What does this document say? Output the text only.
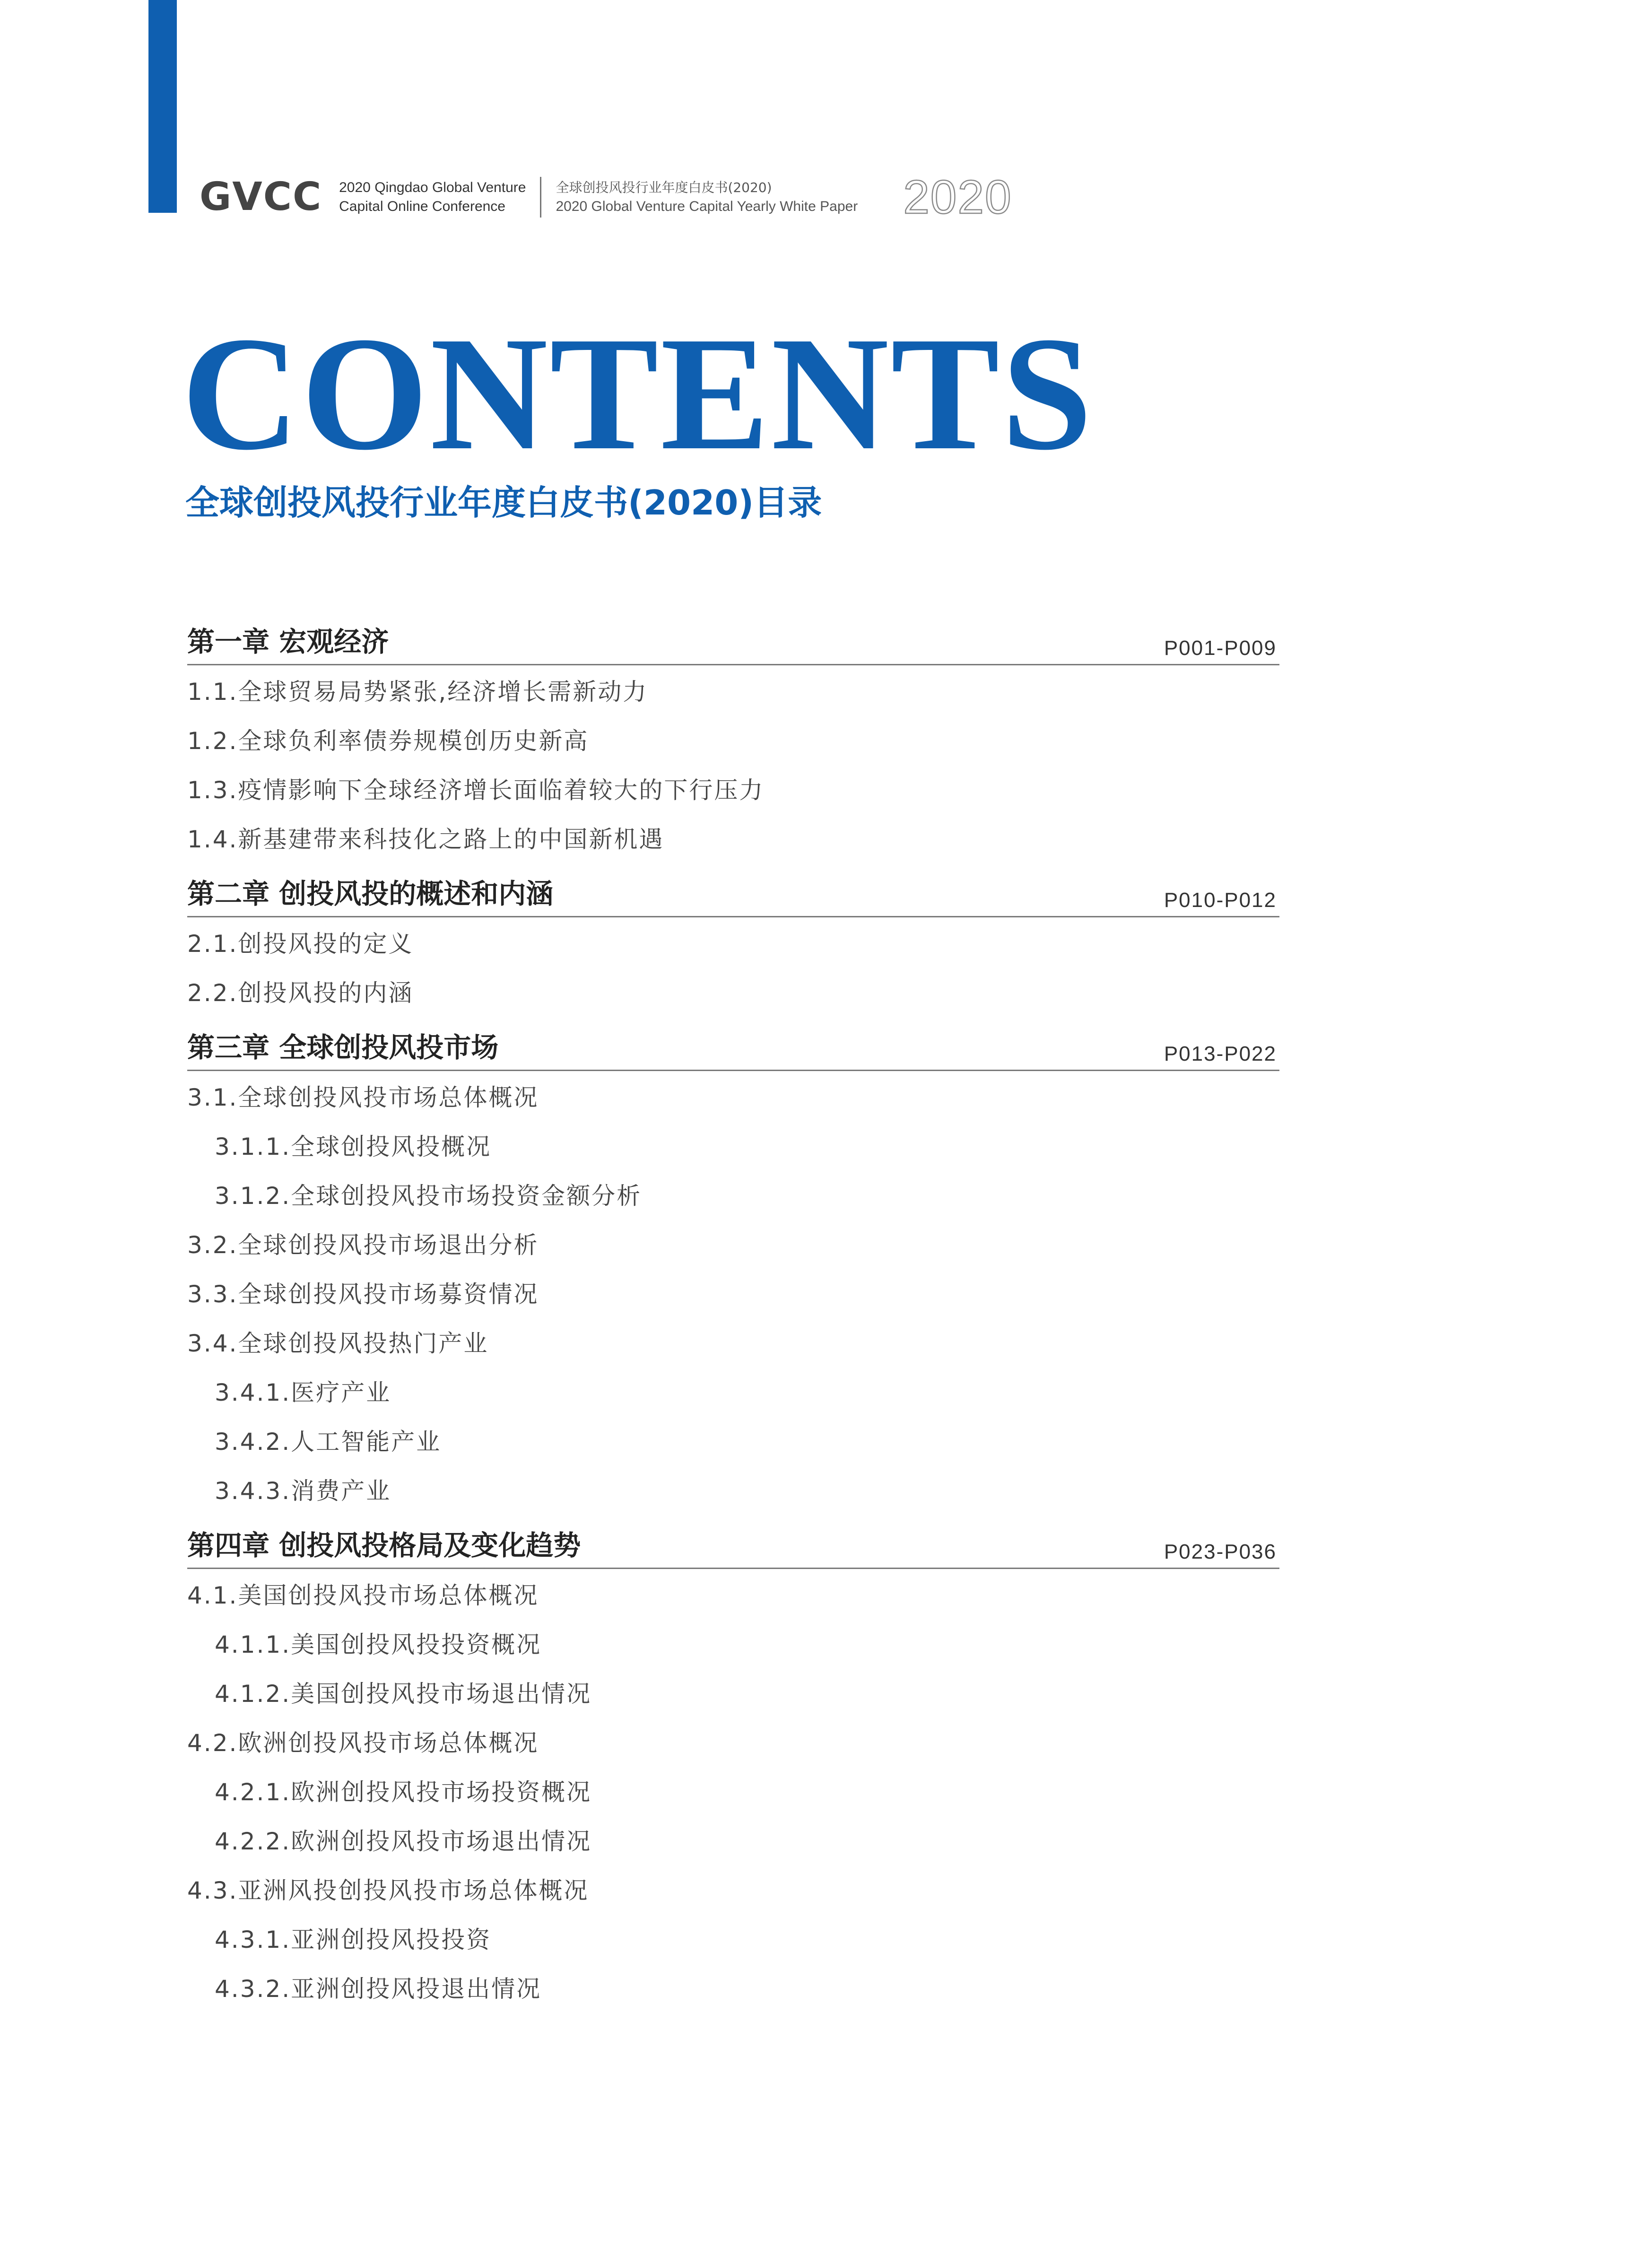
GVCC 2020 Qingdao Global Venture
Capital Online Conference
全球创投风投行业年度白皮书(2020)
2020 Global Venture Capital Yearly White Paper 2020
CONTENTS
全球创投风投行业年度白皮书(2020)目录
第一章 宏观经济	P001-P009
1.1.全球贸易局势紧张,经济增长需新动力
1.2.全球负利率债券规模创历史新高
1.3.疫情影响下全球经济增长面临着较大的下行压力
1.4.新基建带来科技化之路上的中国新机遇
第二章 创投风投的概述和内涵	P010-P012
2.1.创投风投的定义
2.2.创投风投的内涵
第三章 全球创投风投市场	P013-P022
3.1.全球创投风投市场总体概况
3.1.1.全球创投风投概况
3.1.2.全球创投风投市场投资金额分析
3.2.全球创投风投市场退出分析
3.3.全球创投风投市场募资情况
3.4.全球创投风投热门产业
3.4.1.医疗产业
3.4.2.人工智能产业
3.4.3.消费产业
第四章 创投风投格局及变化趋势	P023-P036
4.1.美国创投风投市场总体概况
4.1.1.美国创投风投投资概况
4.1.2.美国创投风投市场退出情况
4.2.欧洲创投风投市场总体概况
4.2.1.欧洲创投风投市场投资概况
4.2.2.欧洲创投风投市场退出情况
4.3.亚洲风投创投风投市场总体概况
4.3.1.亚洲创投风投投资
4.3.2.亚洲创投风投退出情况
